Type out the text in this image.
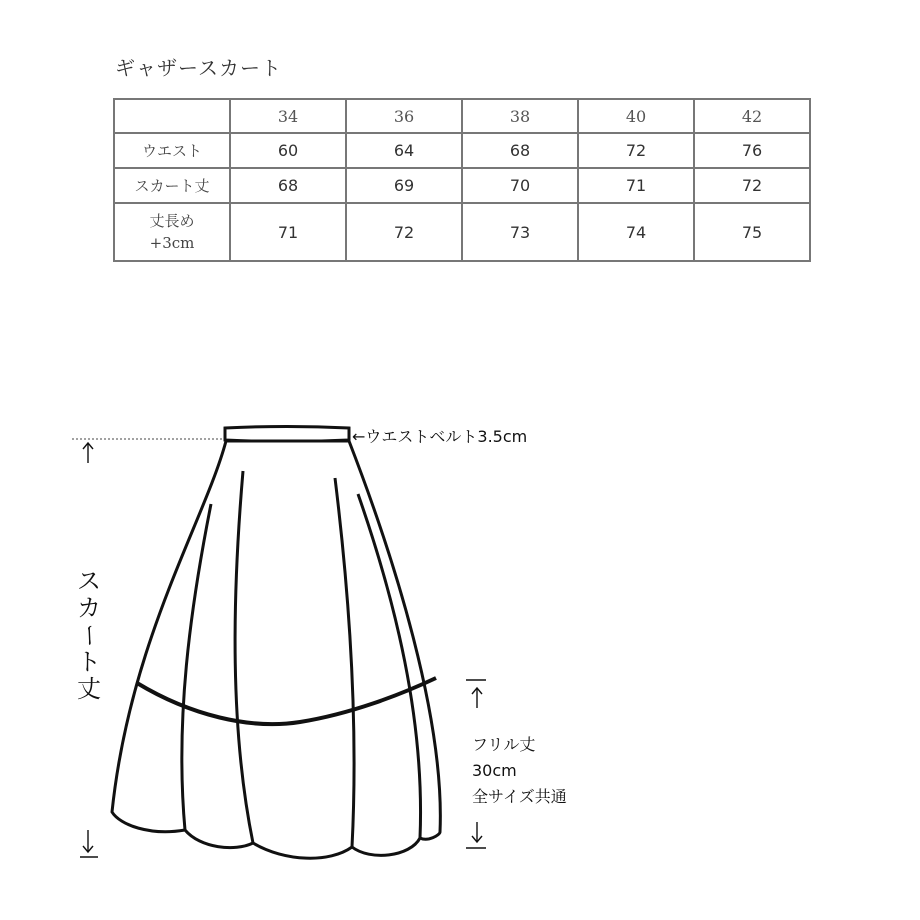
ギャザースカート
	34	36	38	40	42
ウエスト	60	64	68	72	76
スカート丈	68	69	70	71	72

丈長め
+3cm	71	72	73	74	75
←ウエストベルト3.5cm
ス
カ
ー
ト
丈
フリル丈
30cm
全サイズ共通
